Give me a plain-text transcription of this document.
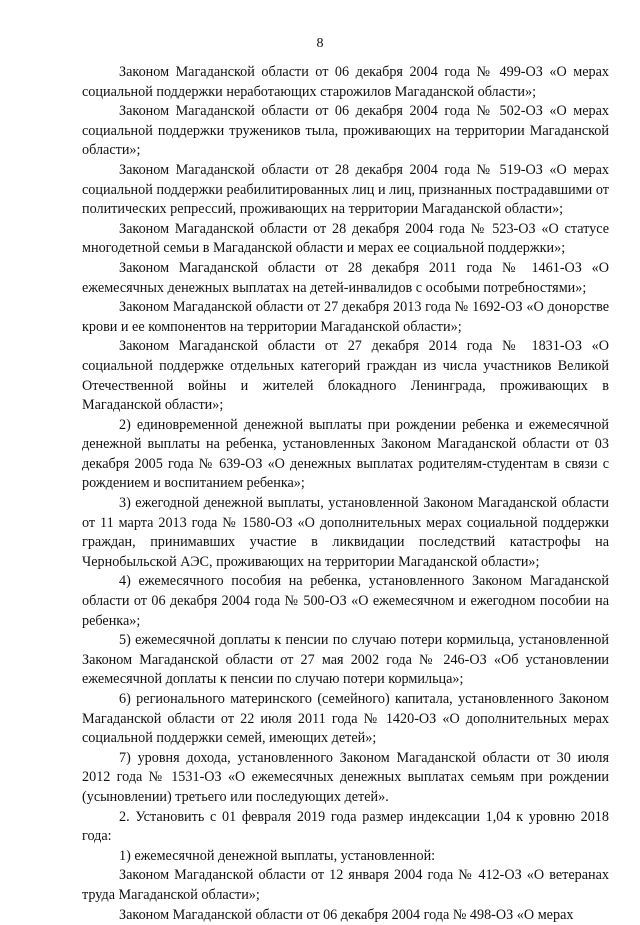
8

Законом Магаданской области от 06 декабря 2004 года № 499-ОЗ «О мерах социальной поддержки неработающих старожилов Магаданской области»;

Законом Магаданской области от 06 декабря 2004 года № 502-ОЗ «О мерах социальной поддержки тружеников тыла, проживающих на территории Магаданской области»;

Законом Магаданской области от 28 декабря 2004 года № 519-ОЗ «О мерах социальной поддержки реабилитированных лиц и лиц, признанных пострадавшими от политических репрессий, проживающих на территории Магаданской области»;

Законом Магаданской области от 28 декабря 2004 года № 523-ОЗ «О статусе многодетной семьи в Магаданской области и мерах ее социальной поддержки»;

Законом Магаданской области от 28 декабря 2011 года № 1461-ОЗ «О ежемесячных денежных выплатах на детей-инвалидов с особыми потребностями»;

Законом Магаданской области от 27 декабря 2013 года № 1692-ОЗ «О донорстве крови и ее компонентов на территории Магаданской области»;

Законом Магаданской области от 27 декабря 2014 года № 1831-ОЗ «О социальной поддержке отдельных категорий граждан из числа участников Великой Отечественной войны и жителей блокадного Ленинграда, проживающих в Магаданской области»;

2) единовременной денежной выплаты при рождении ребенка и ежемесячной денежной выплаты на ребенка, установленных Законом Магаданской области от 03 декабря 2005 года № 639-ОЗ «О денежных выплатах родителям-студентам в связи с рождением и воспитанием ребенка»;

3) ежегодной денежной выплаты, установленной Законом Магаданской области от 11 марта 2013 года № 1580-ОЗ «О дополнительных мерах социальной поддержки граждан, принимавших участие в ликвидации последствий катастрофы на Чернобыльской АЭС, проживающих на территории Магаданской области»;

4) ежемесячного пособия на ребенка, установленного Законом Магаданской области от 06 декабря 2004 года № 500-ОЗ «О ежемесячном и ежегодном пособии на ребенка»;

5) ежемесячной доплаты к пенсии по случаю потери кормильца, установленной Законом Магаданской области от 27 мая 2002 года № 246-ОЗ «Об установлении ежемесячной доплаты к пенсии по случаю потери кормильца»;

6) регионального материнского (семейного) капитала, установленного Законом Магаданской области от 22 июля 2011 года № 1420-ОЗ «О дополнительных мерах социальной поддержки семей, имеющих детей»;

7) уровня дохода, установленного Законом Магаданской области от 30 июля 2012 года № 1531-ОЗ «О ежемесячных денежных выплатах семьям при рождении (усыновлении) третьего или последующих детей».

2. Установить с 01 февраля 2019 года размер индексации 1,04 к уровню 2018 года:

1) ежемесячной денежной выплаты, установленной:

Законом Магаданской области от 12 января 2004 года № 412-ОЗ «О ветеранах труда Магаданской области»;

Законом Магаданской области от 06 декабря 2004 года № 498-ОЗ «О мерах
